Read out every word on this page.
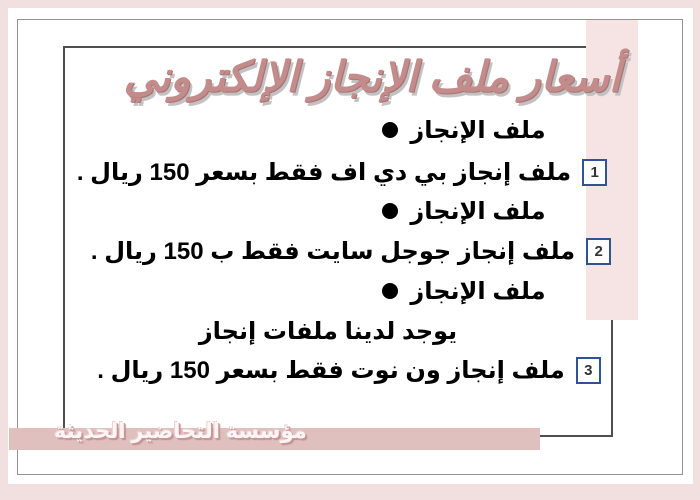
أسعار ملف الإنجاز الإلكتروني
ملف الإنجاز
ملف إنجاز بي دي اف فقط بسعر 150 ريال .	1
ملف الإنجاز
ملف إنجاز جوجل سايت فقط ب 150 ريال .	2
ملف الإنجاز
يوجد لدينا ملفات إنجاز
ملف إنجاز ون نوت فقط بسعر 150 ريال .	3
مؤسسة التحاضير الحديثة
